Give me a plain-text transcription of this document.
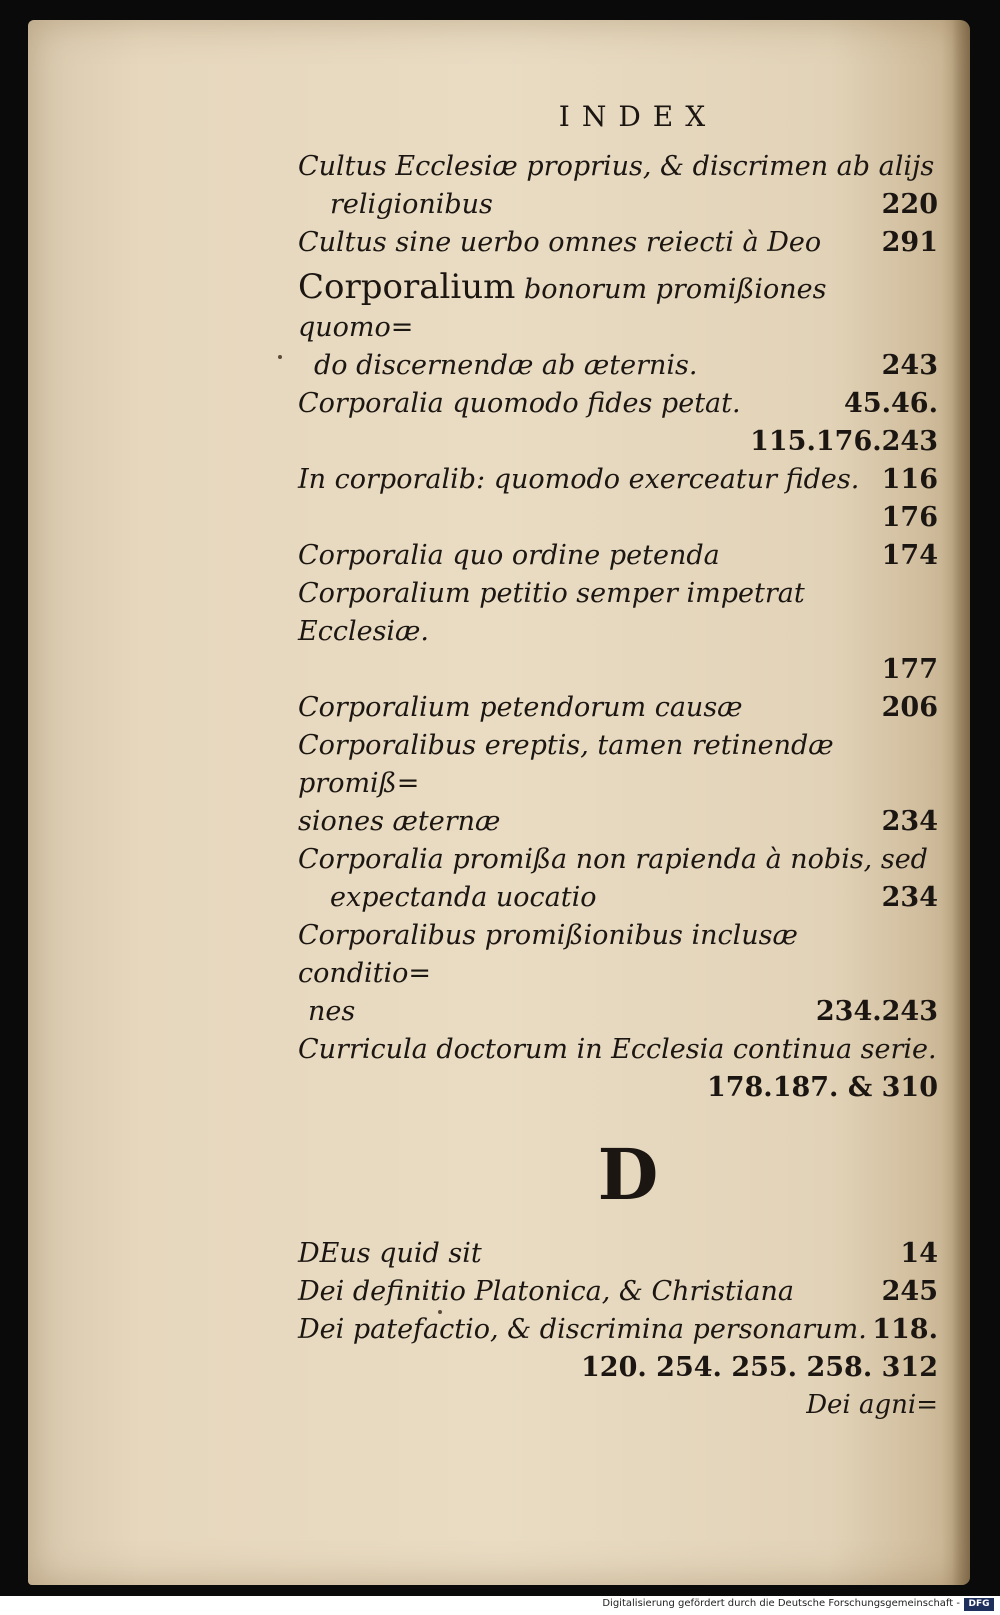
INDEX
Cultus Ecclesiæ proprius, & discrimen ab alijs
religionibus	220
Cultus sine uerbo omnes reiecti à Deo 291
Corporalium bonorum promißiones quomo=
do discernendæ ab æternis.	243
Corporalia quomodo fides petat.	45.46.
115.176.243
In corporalib: quomodo exerceatur fides. 116
176
Corporalia quo ordine petenda	174
Corporalium petitio semper impetrat Ecclesiæ.
177
Corporalium petendorum causæ	206
Corporalibus ereptis, tamen retinendæ promiß=
siones æternæ	234
Corporalia promißa non rapienda à nobis, sed
expectanda uocatio	234
Corporalibus promißionibus inclusæ conditio=
nes	234.243
Curricula doctorum in Ecclesia continua serie.
178.187. & 310
D
DEus quid sit	14
Dei definitio Platonica, & Christiana	245
Dei patefactio, & discrimina personarum. 118.
120. 254. 255. 258. 312
Dei agni=
Digitalisierung gefördert durch die Deutsche Forschungsgemeinschaft - DFG
